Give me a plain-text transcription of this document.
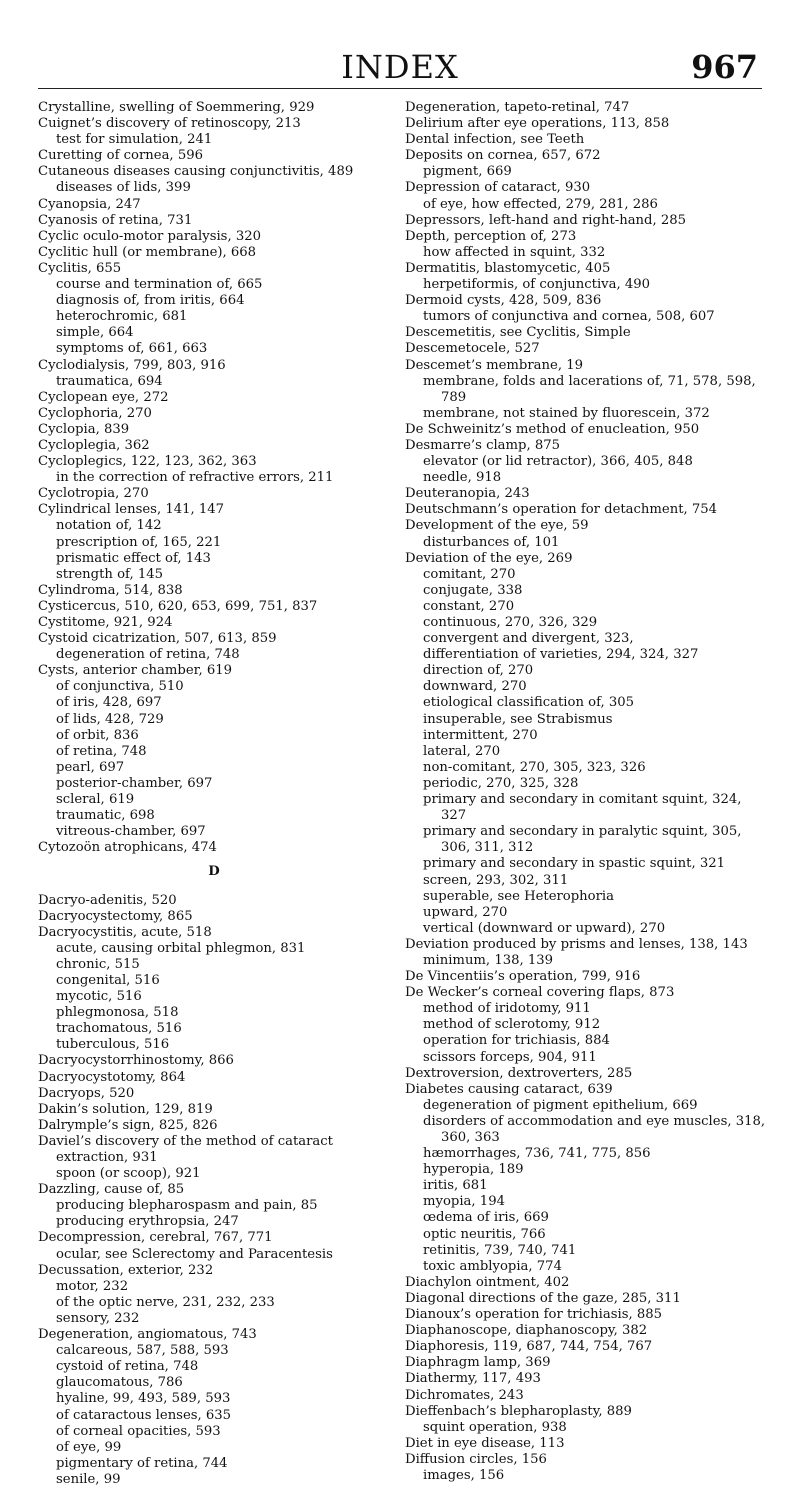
INDEX	967
Crystalline, swelling of Soemmering, 929
Cuignet’s discovery of retinoscopy, 213
test for simulation, 241
Curetting of cornea, 596
Cutaneous diseases causing conjunctivitis, 489
diseases of lids, 399
Cyanopsia, 247
Cyanosis of retina, 731
Cyclic oculo-motor paralysis, 320
Cyclitic hull (or membrane), 668
Cyclitis, 655
course and termination of, 665
diagnosis of, from iritis, 664
heterochromic, 681
simple, 664
symptoms of, 661, 663
Cyclodialysis, 799, 803, 916
traumatica, 694
Cyclopean eye, 272
Cyclophoria, 270
Cyclopia, 839
Cycloplegia, 362
Cycloplegics, 122, 123, 362, 363
in the correction of refractive errors, 211
Cyclotropia, 270
Cylindrical lenses, 141, 147
notation of, 142
prescription of, 165, 221
prismatic effect of, 143
strength of, 145
Cylindroma, 514, 838
Cysticercus, 510, 620, 653, 699, 751, 837
Cystitome, 921, 924
Cystoid cicatrization, 507, 613, 859
degeneration of retina, 748
Cysts, anterior chamber, 619
of conjunctiva, 510
of iris, 428, 697
of lids, 428, 729
of orbit, 836
of retina, 748
pearl, 697
posterior-chamber, 697
scleral, 619
traumatic, 698
vitreous-chamber, 697
Cytozoön atrophicans, 474
D
Dacryo-adenitis, 520
Dacryocystectomy, 865
Dacryocystitis, acute, 518
acute, causing orbital phlegmon, 831
chronic, 515
congenital, 516
mycotic, 516
phlegmonosa, 518
trachomatous, 516
tuberculous, 516
Dacryocystorrhinostomy, 866
Dacryocystotomy, 864
Dacryops, 520
Dakin’s solution, 129, 819
Dalrymple’s sign, 825, 826
Daviel’s discovery of the method of cataract extraction, 931
spoon (or scoop), 921
Dazzling, cause of, 85
producing blepharospasm and pain, 85
producing erythropsia, 247
Decompression, cerebral, 767, 771
ocular, see Sclerectomy and Paracentesis
Decussation, exterior, 232
motor, 232
of the optic nerve, 231, 232, 233
sensory, 232
Degeneration, angiomatous, 743
calcareous, 587, 588, 593
cystoid of retina, 748
glaucomatous, 786
hyaline, 99, 493, 589, 593
of cataractous lenses, 635
of corneal opacities, 593
of eye, 99
pigmentary of retina, 744
senile, 99
Degeneration, tapeto-retinal, 747
Delirium after eye operations, 113, 858
Dental infection, see Teeth
Deposits on cornea, 657, 672
pigment, 669
Depression of cataract, 930
of eye, how effected, 279, 281, 286
Depressors, left-hand and right-hand, 285
Depth, perception of, 273
how affected in squint, 332
Dermatitis, blastomycetic, 405
herpetiformis, of conjunctiva, 490
Dermoid cysts, 428, 509, 836
tumors of conjunctiva and cornea, 508, 607
Descemetitis, see Cyclitis, Simple
Descemetocele, 527
Descemet’s membrane, 19
membrane, folds and lacerations of, 71, 578, 598, 789
membrane, not stained by fluorescein, 372
De Schweinitz’s method of enucleation, 950
Desmarre’s clamp, 875
elevator (or lid retractor), 366, 405, 848
needle, 918
Deuteranopia, 243
Deutschmann’s operation for detachment, 754
Development of the eye, 59
disturbances of, 101
Deviation of the eye, 269
comitant, 270
conjugate, 338
constant, 270
continuous, 270, 326, 329
convergent and divergent, 323,
differentiation of varieties, 294, 324, 327
direction of, 270
downward, 270
etiological classification of, 305
insuperable, see Strabismus
intermittent, 270
lateral, 270
non-comitant, 270, 305, 323, 326
periodic, 270, 325, 328
primary and secondary in comitant squint, 324, 327
primary and secondary in paralytic squint, 305, 306, 311, 312
primary and secondary in spastic squint, 321
screen, 293, 302, 311
superable, see Heterophoria
upward, 270
vertical (downward or upward), 270
Deviation produced by prisms and lenses, 138, 143
minimum, 138, 139
De Vincentiis’s operation, 799, 916
De Wecker’s corneal covering flaps, 873
method of iridotomy, 911
method of sclerotomy, 912
operation for trichiasis, 884
scissors forceps, 904, 911
Dextroversion, dextroverters, 285
Diabetes causing cataract, 639
degeneration of pigment epithelium, 669
disorders of accommodation and eye muscles, 318, 360, 363
hæmorrhages, 736, 741, 775, 856
hyperopia, 189
iritis, 681
myopia, 194
œdema of iris, 669
optic neuritis, 766
retinitis, 739, 740, 741
toxic amblyopia, 774
Diachylon ointment, 402
Diagonal directions of the gaze, 285, 311
Dianoux’s operation for trichiasis, 885
Diaphanoscope, diaphanoscopy, 382
Diaphoresis, 119, 687, 744, 754, 767
Diaphragm lamp, 369
Diathermy, 117, 493
Dichromates, 243
Dieffenbach’s blepharoplasty, 889
squint operation, 938
Diet in eye disease, 113
Diffusion circles, 156
images, 156
